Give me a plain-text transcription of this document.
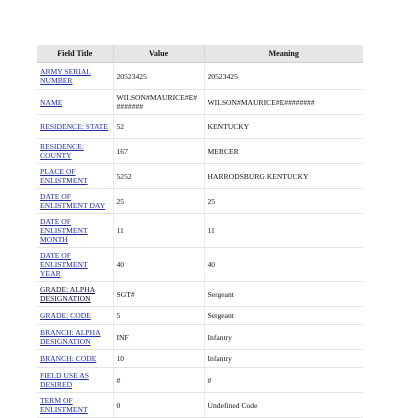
Field Title	Value	Meaning
ARMY SERIAL NUMBER	20523425	20523425
NAME	WILSON#MAURICE#E########	WILSON#MAURICE#E########
RESIDENCE: STATE	52	KENTUCKY
RESIDENCE: COUNTY	167	MERCER
PLACE OF ENLISTMENT	5252	HARRODSBURG KENTUCKY
DATE OF ENLISTMENT DAY	25	25
DATE OF ENLISTMENT MONTH	11	11
DATE OF ENLISTMENT YEAR	40	40
GRADE: ALPHA DESIGNATION	SGT#	Sergeant
GRADE: CODE	5	Sergeant
BRANCH: ALPHA DESIGNATION	INF	Infantry
BRANCH: CODE	10	Infantry
FIELD USE AS DESIRED	#	#
TERM OF ENLISTMENT	0	Undefined Code
